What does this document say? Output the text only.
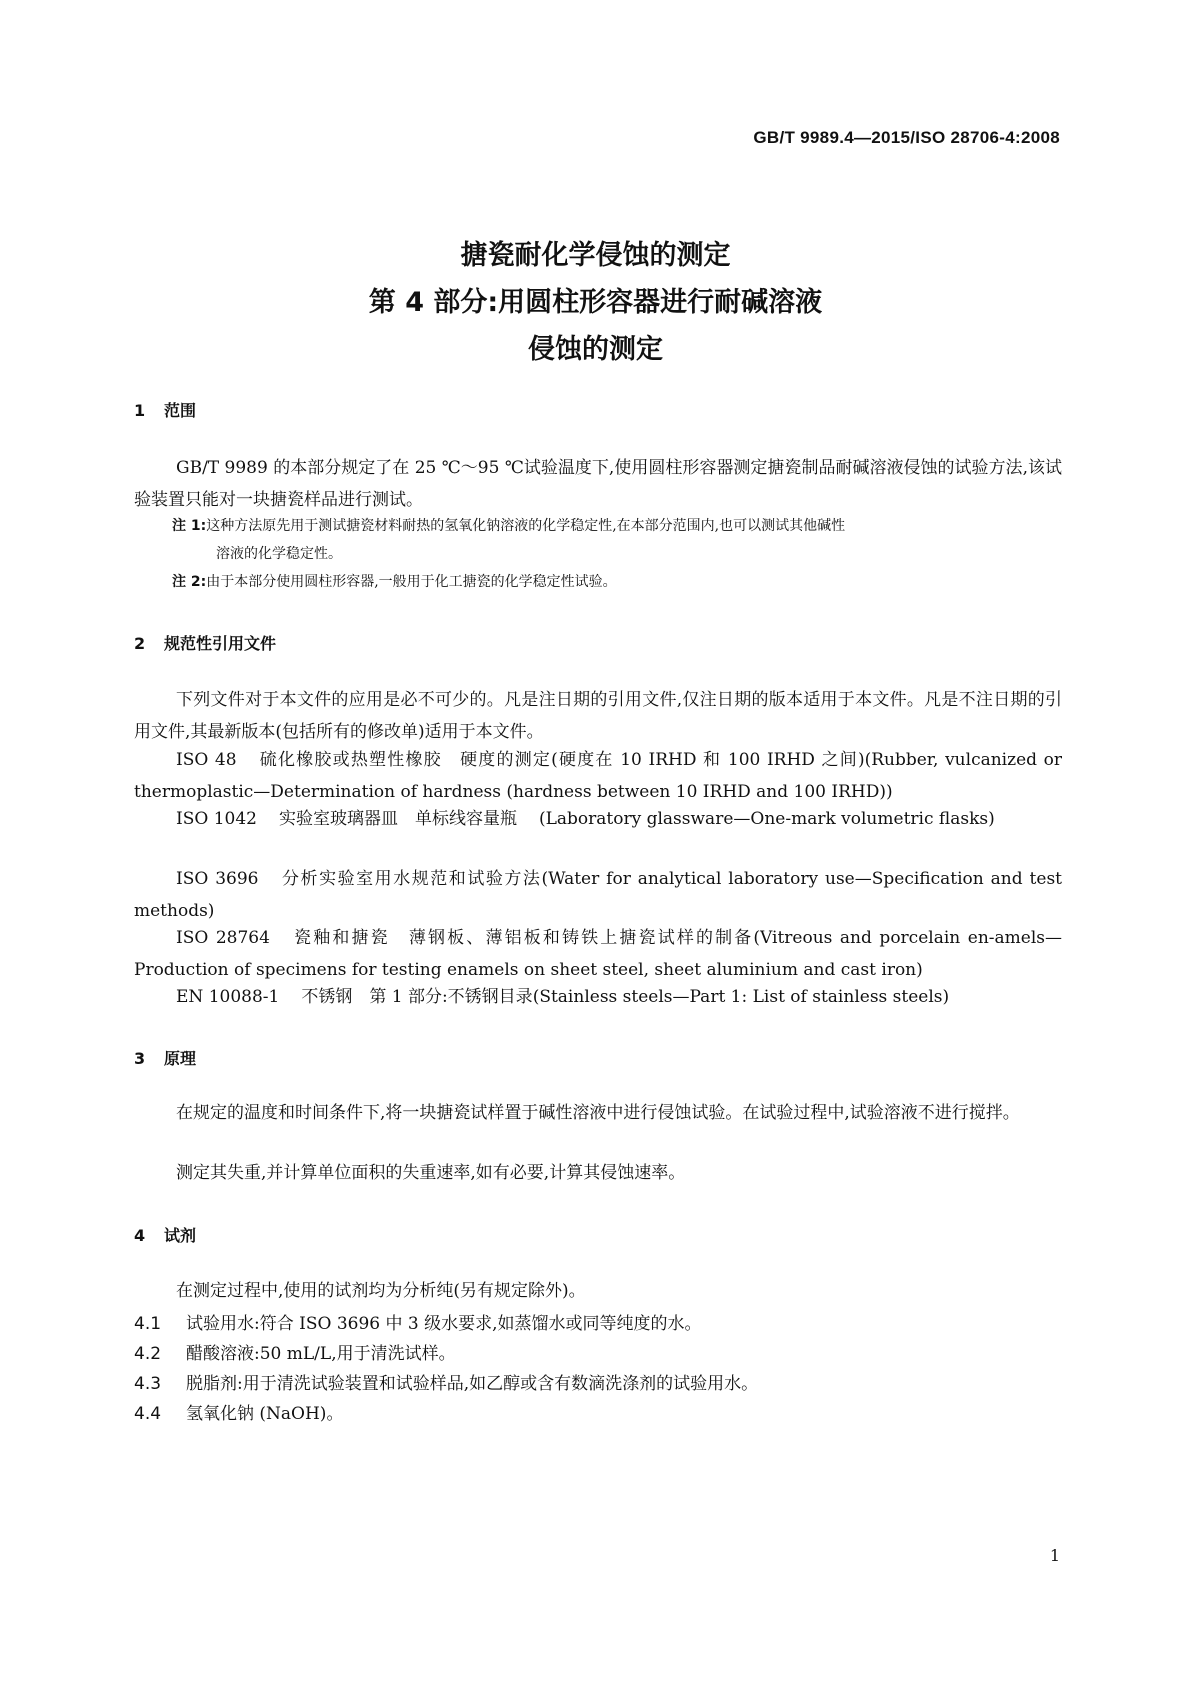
GB/T 9989.4—2015/ISO 28706-4:2008
搪瓷耐化学侵蚀的测定
第 4 部分:用圆柱形容器进行耐碱溶液
侵蚀的测定
1 范围
GB/T 9989 的本部分规定了在 25 ℃～95 ℃试验温度下,使用圆柱形容器测定搪瓷制品耐碱溶液侵蚀的试验方法,该试验装置只能对一块搪瓷样品进行测试。
注 1:这种方法原先用于测试搪瓷材料耐热的氢氧化钠溶液的化学稳定性,在本部分范围内,也可以测试其他碱性
溶液的化学稳定性。
注 2:由于本部分使用圆柱形容器,一般用于化工搪瓷的化学稳定性试验。
2 规范性引用文件
下列文件对于本文件的应用是必不可少的。凡是注日期的引用文件,仅注日期的版本适用于本文件。凡是不注日期的引用文件,其最新版本(包括所有的修改单)适用于本文件。
ISO 48 硫化橡胶或热塑性橡胶　硬度的测定(硬度在 10 IRHD 和 100 IRHD 之间)(Rubber, vulcanized or thermoplastic—Determination of hardness (hardness between 10 IRHD and 100 IRHD))
ISO 1042 实验室玻璃器皿　单标线容量瓶 (Laboratory glassware—One-mark volumetric flasks)
ISO 3696 分析实验室用水规范和试验方法(Water for analytical laboratory use—Specification and test methods)
ISO 28764 瓷釉和搪瓷　薄钢板、薄铝板和铸铁上搪瓷试样的制备(Vitreous and porcelain en-amels—Production of specimens for testing enamels on sheet steel, sheet aluminium and cast iron)
EN 10088-1 不锈钢　第 1 部分:不锈钢目录(Stainless steels—Part 1: List of stainless steels)
3 原理
在规定的温度和时间条件下,将一块搪瓷试样置于碱性溶液中进行侵蚀试验。在试验过程中,试验溶液不进行搅拌。
测定其失重,并计算单位面积的失重速率,如有必要,计算其侵蚀速率。
4 试剂
在测定过程中,使用的试剂均为分析纯(另有规定除外)。
4.1 试验用水:符合 ISO 3696 中 3 级水要求,如蒸馏水或同等纯度的水。
4.2 醋酸溶液:50 mL/L,用于清洗试样。
4.3 脱脂剂:用于清洗试验装置和试验样品,如乙醇或含有数滴洗涤剂的试验用水。
4.4 氢氧化钠 (NaOH)。
1
